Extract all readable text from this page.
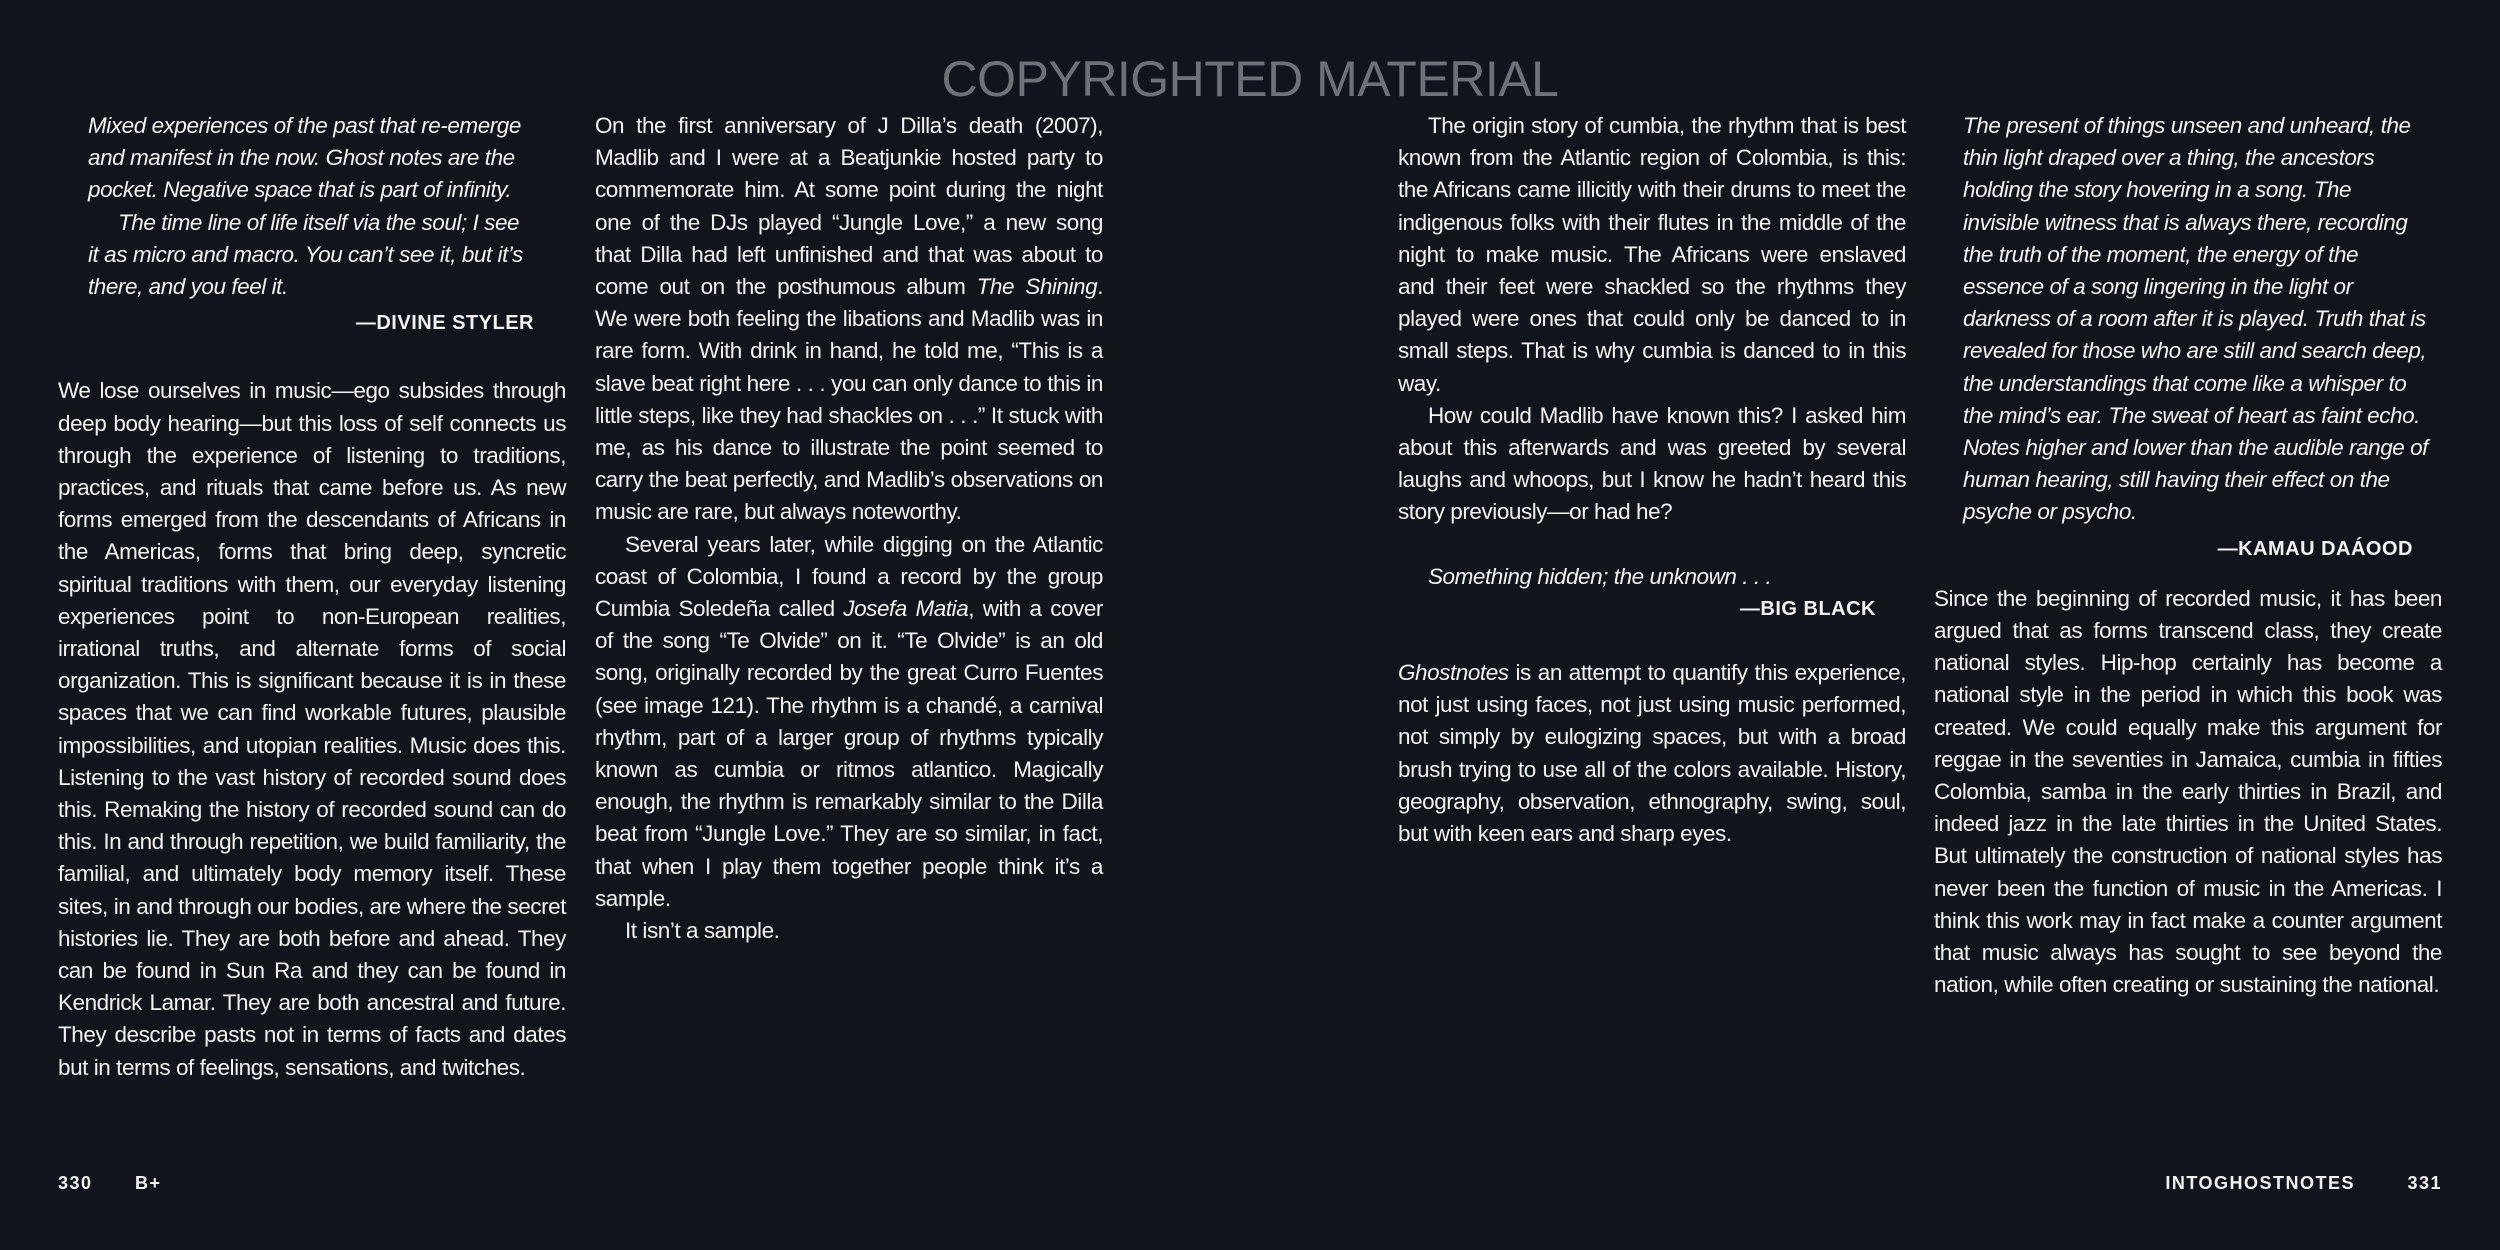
COPYRIGHTED MATERIAL

Mixed experiences of the past that re-emerge and manifest in the now. Ghost notes are the pocket. Negative space that is part of infinity.

The time line of life itself via the soul; I see it as micro and macro. You can’t see it, but it’s there, and you feel it.

—DIVINE STYLER

We lose ourselves in music—ego subsides through deep body hearing—but this loss of self connects us through the experience of listening to traditions, practices, and rituals that came before us. As new forms emerged from the descendants of Africans in the Americas, forms that bring deep, syncretic spiritual traditions with them, our everyday listening experiences point to non-European realities, irrational truths, and alternate forms of social organization. This is significant because it is in these spaces that we can find workable futures, plausible impossibilities, and utopian realities. Music does this. Listening to the vast history of recorded sound does this. Remaking the history of recorded sound can do this. In and through repetition, we build familiarity, the familial, and ultimately body memory itself. These sites, in and through our bodies, are where the secret histories lie. They are both before and ahead. They can be found in Sun Ra and they can be found in Kendrick Lamar. They are both ancestral and future. They describe pasts not in terms of facts and dates but in terms of feelings, sensations, and twitches.

On the first anniversary of J Dilla’s death (2007), Madlib and I were at a Beatjunkie hosted party to commemorate him. At some point during the night one of the DJs played “Jungle Love,” a new song that Dilla had left unfinished and that was about to come out on the posthumous album The Shining. We were both feeling the libations and Madlib was in rare form. With drink in hand, he told me, “This is a slave beat right here . . . you can only dance to this in little steps, like they had shackles on . . .” It stuck with me, as his dance to illustrate the point seemed to carry the beat perfectly, and Madlib’s observations on music are rare, but always noteworthy.

Several years later, while digging on the Atlantic coast of Colombia, I found a record by the group Cumbia Soledeña called Josefa Matia, with a cover of the song “Te Olvide” on it. “Te Olvide” is an old song, originally recorded by the great Curro Fuentes (see image 121). The rhythm is a chandé, a carnival rhythm, part of a larger group of rhythms typically known as cumbia or ritmos atlantico. Magically enough, the rhythm is remarkably similar to the Dilla beat from “Jungle Love.” They are so similar, in fact, that when I play them together people think it’s a sample.

It isn’t a sample.

The origin story of cumbia, the rhythm that is best known from the Atlantic region of Colombia, is this: the Africans came illicitly with their drums to meet the indigenous folks with their flutes in the middle of the night to make music. The Africans were enslaved and their feet were shackled so the rhythms they played were ones that could only be danced to in small steps. That is why cumbia is danced to in this way.

How could Madlib have known this? I asked him about this afterwards and was greeted by several laughs and whoops, but I know he hadn’t heard this story previously—or had he?

Something hidden; the unknown . . .

—BIG BLACK

Ghostnotes is an attempt to quantify this experience, not just using faces, not just using music performed, not simply by eulogizing spaces, but with a broad brush trying to use all of the colors available. History, geography, observation, ethnography, swing, soul, but with keen ears and sharp eyes.

The present of things unseen and unheard, the thin light draped over a thing, the ancestors holding the story hovering in a song. The invisible witness that is always there, recording the truth of the moment, the energy of the essence of a song lingering in the light or darkness of a room after it is played. Truth that is revealed for those who are still and search deep, the understandings that come like a whisper to the mind’s ear. The sweat of heart as faint echo. Notes higher and lower than the audible range of human hearing, still having their effect on the psyche or psycho.

—KAMAU DAÁOOD

Since the beginning of recorded music, it has been argued that as forms transcend class, they create national styles. Hip-hop certainly has become a national style in the period in which this book was created. We could equally make this argument for reggae in the seventies in Jamaica, cumbia in fifties Colombia, samba in the early thirties in Brazil, and indeed jazz in the late thirties in the United States. But ultimately the construction of national styles has never been the function of music in the Americas. I think this work may in fact make a counter argument that music always has sought to see beyond the nation, while often creating or sustaining the national.

330 B+	INTOGHOSTNOTES	331
